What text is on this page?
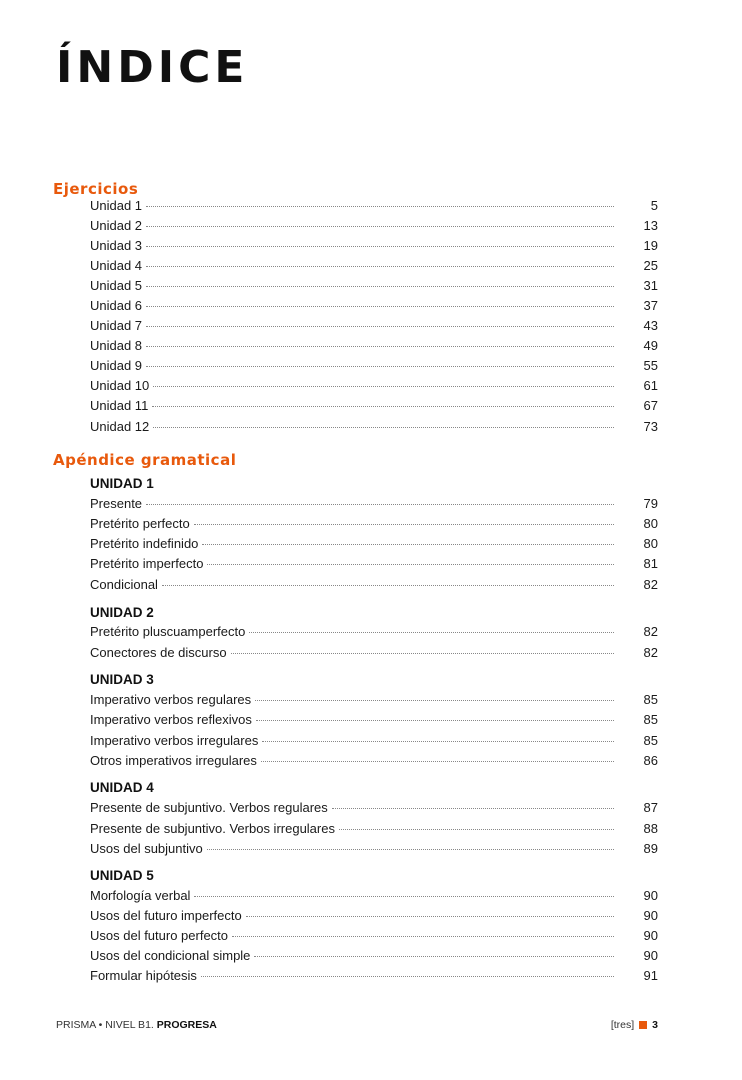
ÍNDICE
Ejercicios
Unidad 1	5
Unidad 2	13
Unidad 3	19
Unidad 4	25
Unidad 5	31
Unidad 6	37
Unidad 7	43
Unidad 8	49
Unidad 9	55
Unidad 10	61
Unidad 11	67
Unidad 12	73
Apéndice gramatical
UNIDAD 1
Presente	79
Pretérito perfecto	80
Pretérito indefinido	80
Pretérito imperfecto	81
Condicional	82
UNIDAD 2
Pretérito pluscuamperfecto	82
Conectores de discurso	82
UNIDAD 3
Imperativo verbos regulares	85
Imperativo verbos reflexivos	85
Imperativo verbos irregulares	85
Otros imperativos irregulares	86
UNIDAD 4
Presente de subjuntivo. Verbos regulares	87
Presente de subjuntivo. Verbos irregulares	88
Usos del subjuntivo	89
UNIDAD 5
Morfología verbal	90
Usos del futuro imperfecto	90
Usos del futuro perfecto	90
Usos del condicional simple	90
Formular hipótesis	91
PRISMA • NIVEL B1. PROGRESA	[tres] 3
